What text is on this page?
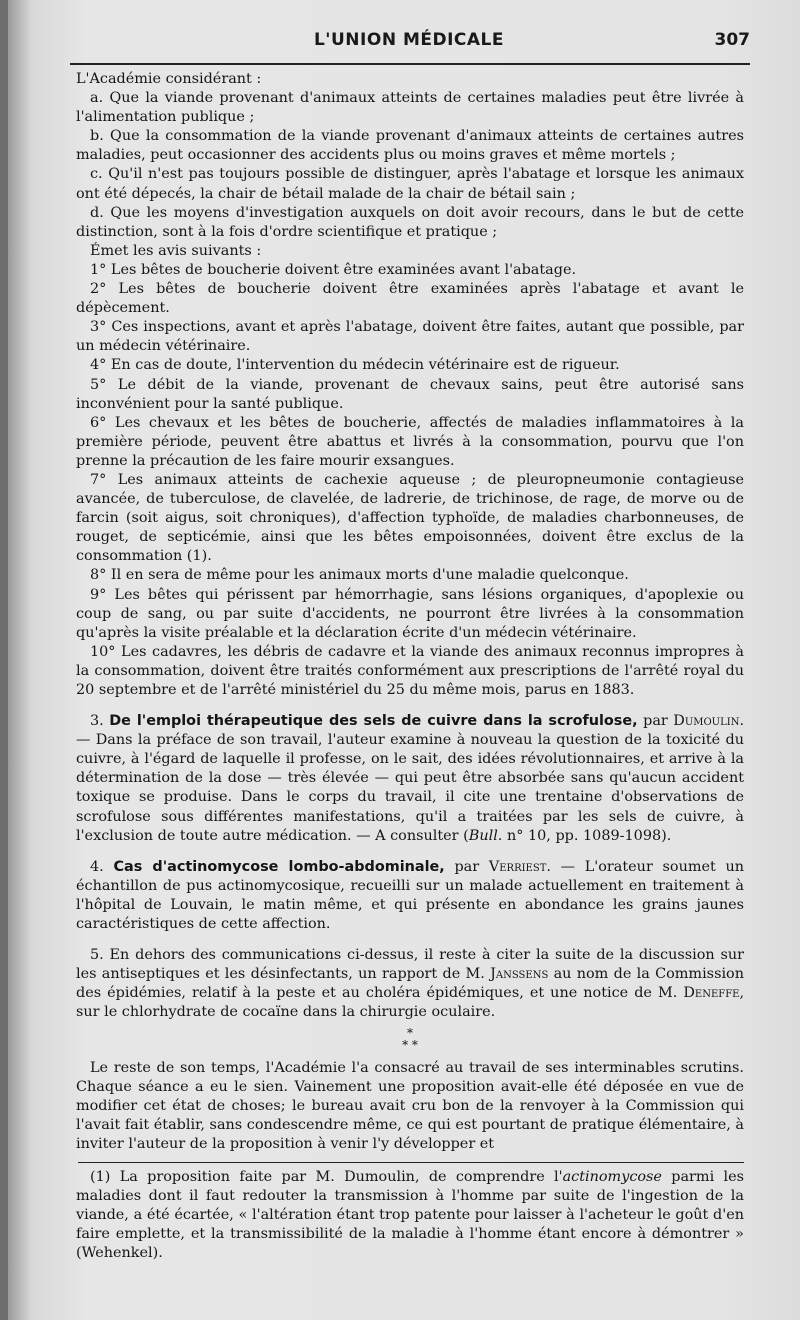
L'UNION MÉDICALE	307

L'Académie considérant :

a. Que la viande provenant d'animaux atteints de certaines maladies peut être livrée à l'alimentation publique ;

b. Que la consommation de la viande provenant d'animaux atteints de certaines autres maladies, peut occasionner des accidents plus ou moins graves et même mortels ;

c. Qu'il n'est pas toujours possible de distinguer, après l'abatage et lorsque les animaux ont été dépecés, la chair de bétail malade de la chair de bétail sain ;

d. Que les moyens d'investigation auxquels on doit avoir recours, dans le but de cette distinction, sont à la fois d'ordre scientifique et pratique ;

Émet les avis suivants :

1° Les bêtes de boucherie doivent être examinées avant l'abatage.

2° Les bêtes de boucherie doivent être examinées après l'abatage et avant le dépècement.

3° Ces inspections, avant et après l'abatage, doivent être faites, autant que possible, par un médecin vétérinaire.

4° En cas de doute, l'intervention du médecin vétérinaire est de rigueur.

5° Le débit de la viande, provenant de chevaux sains, peut être autorisé sans inconvénient pour la santé publique.

6° Les chevaux et les bêtes de boucherie, affectés de maladies inflammatoires à la première période, peuvent être abattus et livrés à la consommation, pourvu que l'on prenne la précaution de les faire mourir exsangues.

7° Les animaux atteints de cachexie aqueuse ; de pleuropneumonie contagieuse avancée, de tuberculose, de clavelée, de ladrerie, de trichinose, de rage, de morve ou de farcin (soit aigus, soit chroniques), d'affection typhoïde, de maladies charbonneuses, de rouget, de septicémie, ainsi que les bêtes empoisonnées, doivent être exclus de la consommation (1).

8° Il en sera de même pour les animaux morts d'une maladie quelconque.

9° Les bêtes qui périssent par hémorrhagie, sans lésions organiques, d'apoplexie ou coup de sang, ou par suite d'accidents, ne pourront être livrées à la consommation qu'après la visite préalable et la déclaration écrite d'un médecin vétérinaire.

10° Les cadavres, les débris de cadavre et la viande des animaux reconnus impropres à la consommation, doivent être traités conformément aux prescriptions de l'arrêté royal du 20 septembre et de l'arrêté ministériel du 25 du même mois, parus en 1883.

3. De l'emploi thérapeutique des sels de cuivre dans la scrofulose, par Dumoulin. — Dans la préface de son travail, l'auteur examine à nouveau la question de la toxicité du cuivre, à l'égard de laquelle il professe, on le sait, des idées révolutionnaires, et arrive à la détermination de la dose — très élevée — qui peut être absorbée sans qu'aucun accident toxique se produise. Dans le corps du travail, il cite une trentaine d'observations de scrofulose sous différentes manifestations, qu'il a traitées par les sels de cuivre, à l'exclusion de toute autre médication. — A consulter (Bull. n° 10, pp. 1089-1098).

4. Cas d'actinomycose lombo-abdominale, par Verriest. — L'orateur soumet un échantillon de pus actinomycosique, recueilli sur un malade actuellement en traitement à l'hôpital de Louvain, le matin même, et qui présente en abondance les grains jaunes caractéristiques de cette affection.

5. En dehors des communications ci-dessus, il reste à citer la suite de la discussion sur les antiseptiques et les désinfectants, un rapport de M. Janssens au nom de la Commission des épidémies, relatif à la peste et au choléra épidémiques, et une notice de M. Deneffe, sur le chlorhydrate de cocaïne dans la chirurgie oculaire.

*
* *

Le reste de son temps, l'Académie l'a consacré au travail de ses interminables scrutins. Chaque séance a eu le sien. Vainement une proposition avait-elle été déposée en vue de modifier cet état de choses; le bureau avait cru bon de la renvoyer à la Commission qui l'avait fait établir, sans condescendre même, ce qui est pourtant de pratique élémentaire, à inviter l'auteur de la proposition à venir l'y développer et

(1) La proposition faite par M. Dumoulin, de comprendre l'actinomycose parmi les maladies dont il faut redouter la transmission à l'homme par suite de l'ingestion de la viande, a été écartée, « l'altération étant trop patente pour laisser à l'acheteur le goût d'en faire emplette, et la transmissibilité de la maladie à l'homme étant encore à démontrer » (Wehenkel).
